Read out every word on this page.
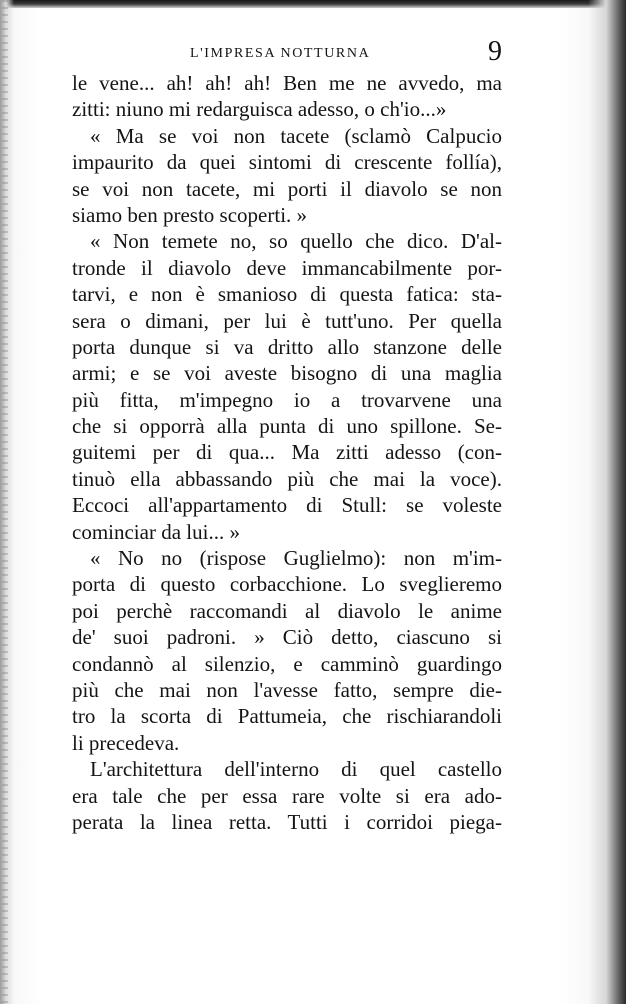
L'IMPRESA NOTTURNA	9
le vene... ah! ah! ah! Ben me ne avvedo, ma
zitti: niuno mi redarguisca adesso, o ch'io...»
« Ma se voi non tacete (sclamò Calpucio
impaurito da quei sintomi di crescente follía),
se voi non tacete, mi porti il diavolo se non
siamo ben presto scoperti. »
« Non temete no, so quello che dico. D'al-
tronde il diavolo deve immancabilmente por-
tarvi, e non è smanioso di questa fatica: sta-
sera o dimani, per lui è tutt'uno. Per quella
porta dunque si va dritto allo stanzone delle
armi; e se voi aveste bisogno di una maglia
più fitta, m'impegno io a trovarvene una
che si opporrà alla punta di uno spillone. Se-
guitemi per di qua... Ma zitti adesso (con-
tinuò ella abbassando più che mai la voce).
Eccoci all'appartamento di Stull: se voleste
cominciar da lui... »
« No no (rispose Guglielmo): non m'im-
porta di questo corbacchione. Lo sveglieremo
poi perchè raccomandi al diavolo le anime
de' suoi padroni. » Ciò detto, ciascuno si
condannò al silenzio, e camminò guardingo
più che mai non l'avesse fatto, sempre die-
tro la scorta di Pattumeia, che rischiarandoli
li precedeva.
L'architettura dell'interno di quel castello
era tale che per essa rare volte si era ado-
perata la linea retta. Tutti i corridoi piega-
